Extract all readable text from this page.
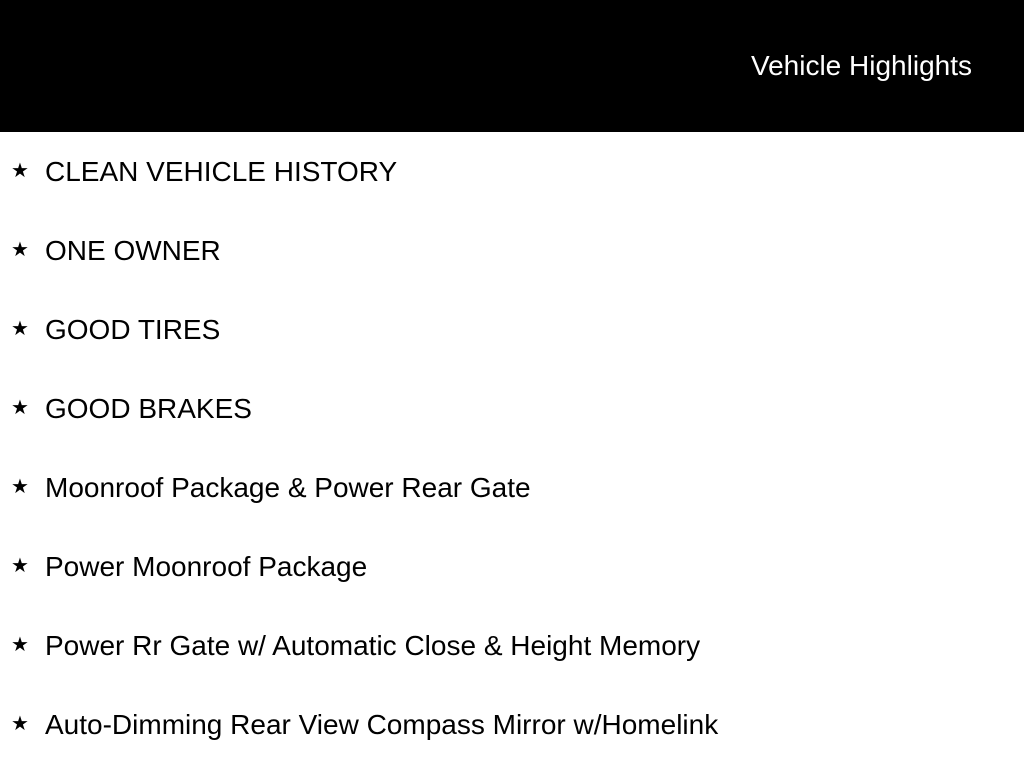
Vehicle Highlights
★ CLEAN VEHICLE HISTORY
★ ONE OWNER
★ GOOD TIRES
★ GOOD BRAKES
★ Moonroof Package & Power Rear Gate
★ Power Moonroof Package
★ Power Rr Gate w/ Automatic Close & Height Memory
★ Auto-Dimming Rear View Compass Mirror w/Homelink
